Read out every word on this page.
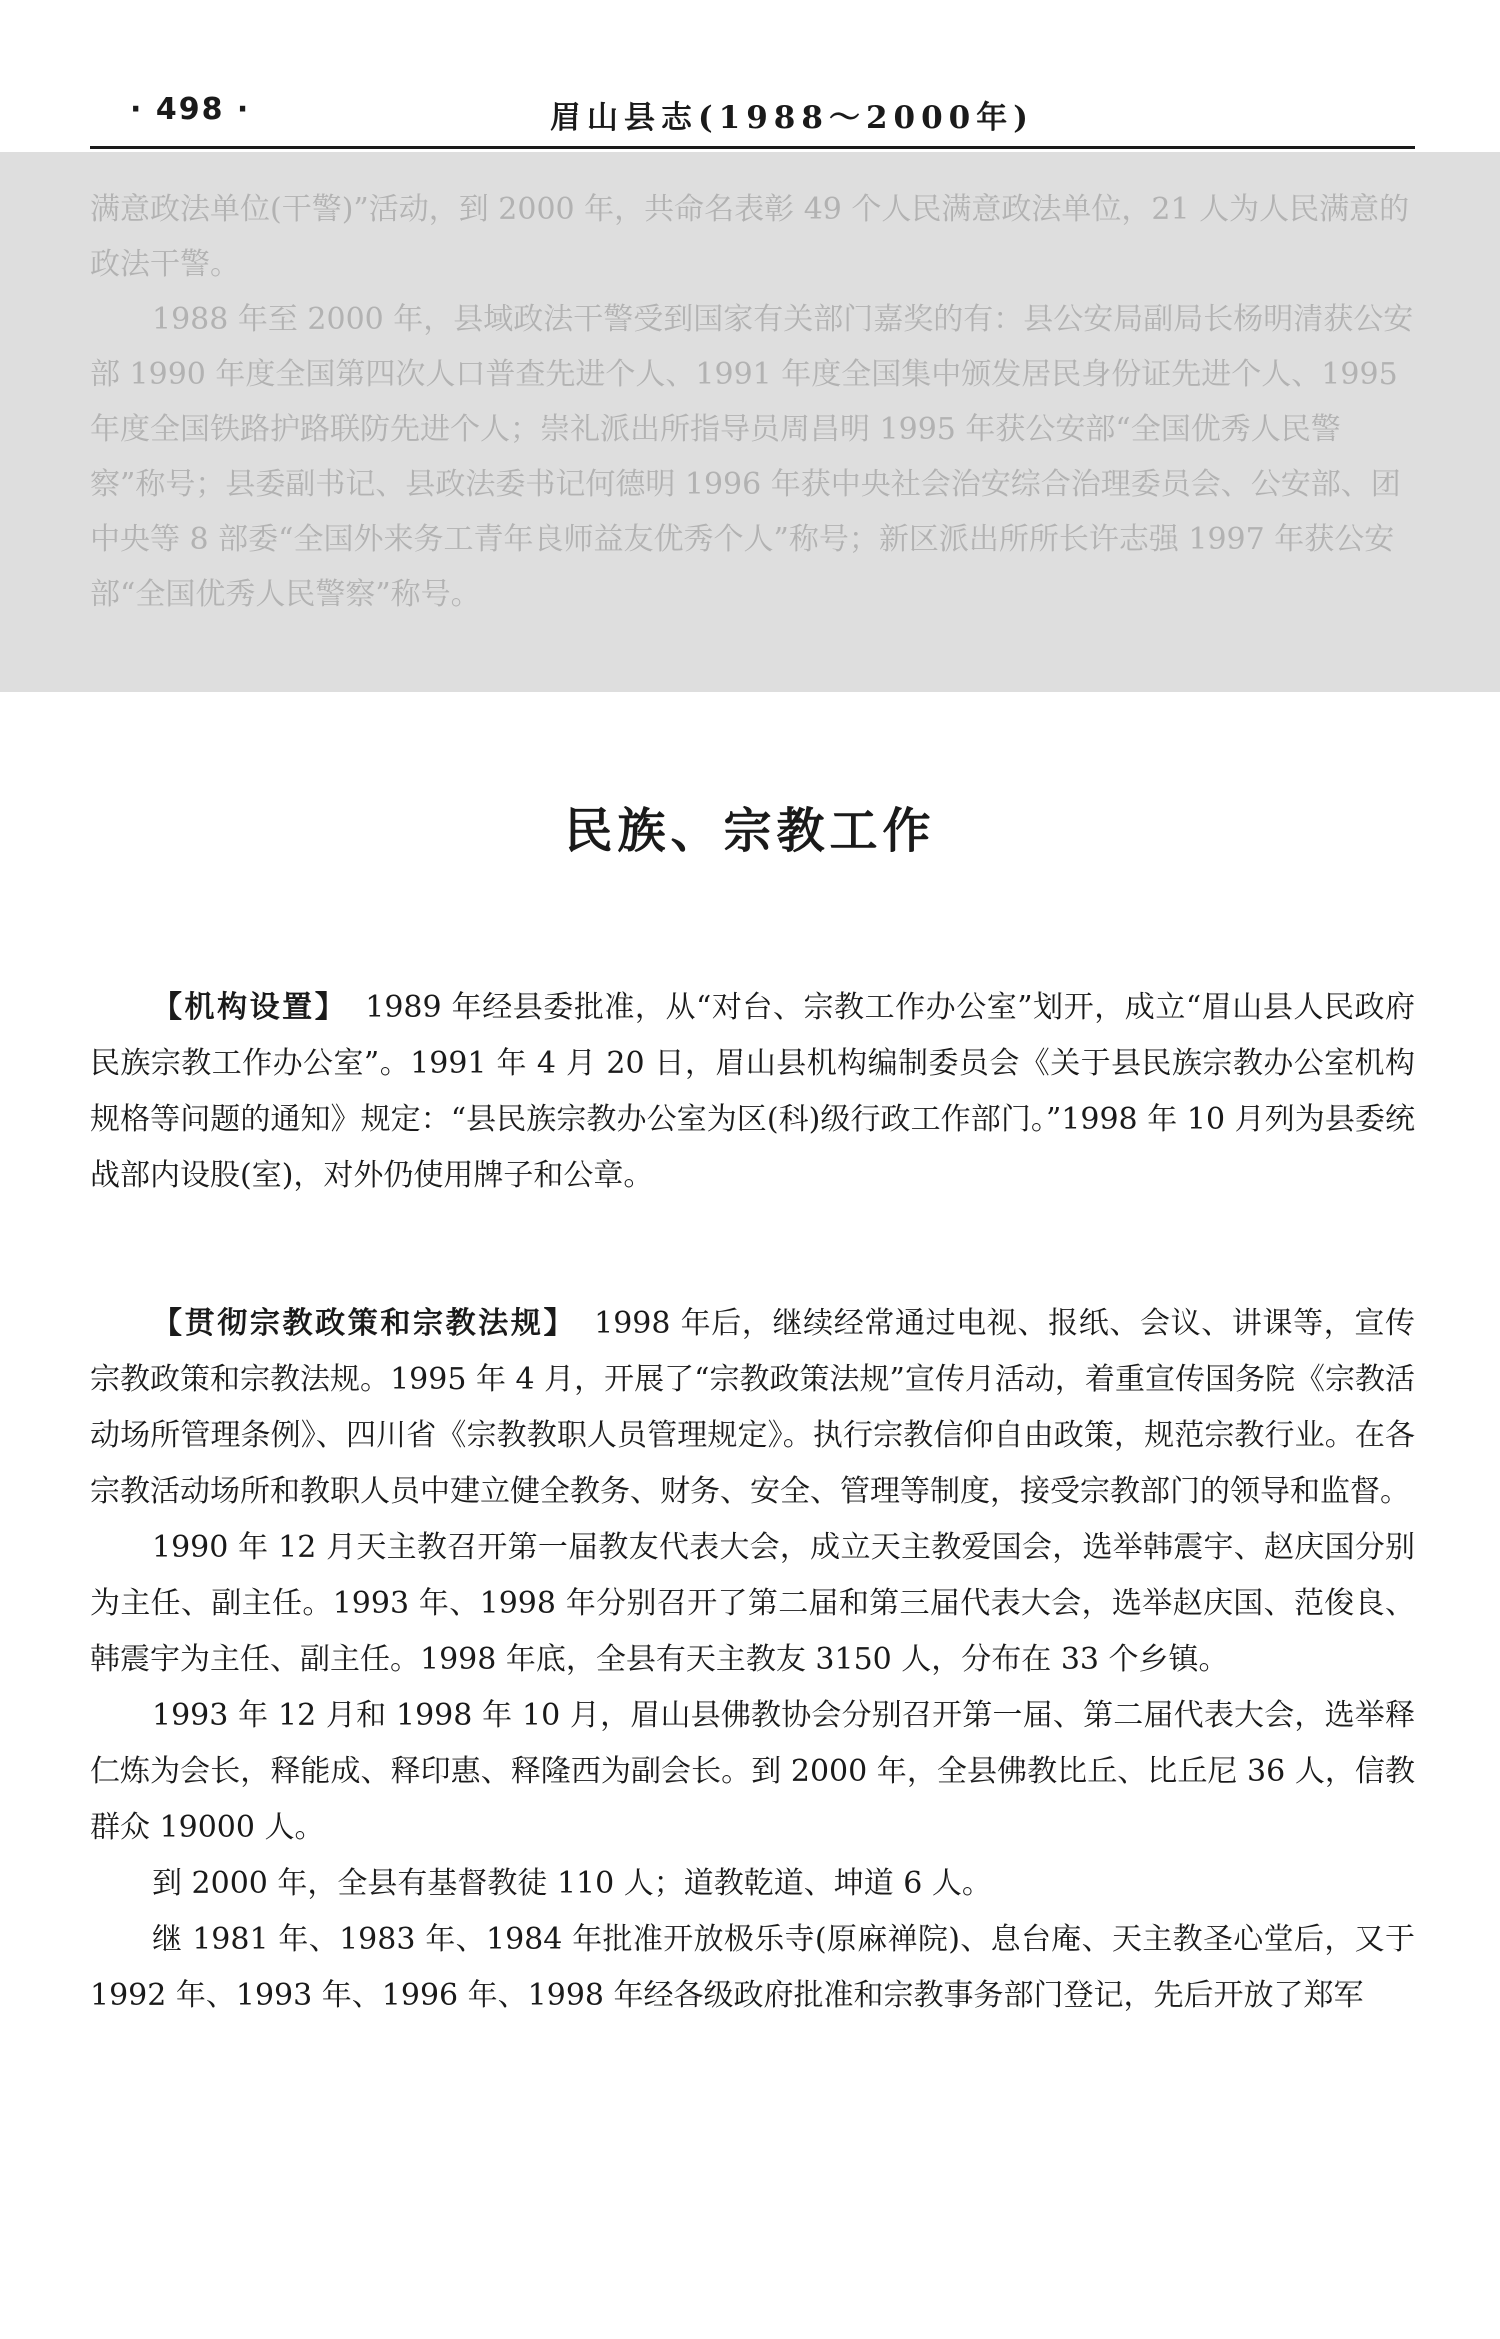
· 498 ·	眉山县志(1988～2000年)

满意政法单位(干警)”活动，到 2000 年，共命名表彰 49 个人民满意政法单位，21 人为人民满意的政法干警。

1988 年至 2000 年，县域政法干警受到国家有关部门嘉奖的有：县公安局副局长杨明清获公安部 1990 年度全国第四次人口普查先进个人、1991 年度全国集中颁发居民身份证先进个人、1995 年度全国铁路护路联防先进个人；崇礼派出所指导员周昌明 1995 年获公安部“全国优秀人民警察”称号；县委副书记、县政法委书记何德明 1996 年获中央社会治安综合治理委员会、公安部、团中央等 8 部委“全国外来务工青年良师益友优秀个人”称号；新区派出所所长许志强 1997 年获公安部“全国优秀人民警察”称号。

民族、宗教工作

【机构设置】 1989 年经县委批准，从“对台、宗教工作办公室”划开，成立“眉山县人民政府民族宗教工作办公室”。1991 年 4 月 20 日，眉山县机构编制委员会《关于县民族宗教办公室机构规格等问题的通知》规定：“县民族宗教办公室为区(科)级行政工作部门。”1998 年 10 月列为县委统战部内设股(室)，对外仍使用牌子和公章。

【贯彻宗教政策和宗教法规】 1998 年后，继续经常通过电视、报纸、会议、讲课等，宣传宗教政策和宗教法规。1995 年 4 月，开展了“宗教政策法规”宣传月活动，着重宣传国务院《宗教活动场所管理条例》、四川省《宗教教职人员管理规定》。执行宗教信仰自由政策，规范宗教行业。在各宗教活动场所和教职人员中建立健全教务、财务、安全、管理等制度，接受宗教部门的领导和监督。

1990 年 12 月天主教召开第一届教友代表大会，成立天主教爱国会，选举韩震宇、赵庆国分别为主任、副主任。1993 年、1998 年分别召开了第二届和第三届代表大会，选举赵庆国、范俊良、韩震宇为主任、副主任。1998 年底，全县有天主教友 3150 人，分布在 33 个乡镇。

1993 年 12 月和 1998 年 10 月，眉山县佛教协会分别召开第一届、第二届代表大会，选举释仁炼为会长，释能成、释印惠、释隆西为副会长。到 2000 年，全县佛教比丘、比丘尼 36 人，信教群众 19000 人。

到 2000 年，全县有基督教徒 110 人；道教乾道、坤道 6 人。

继 1981 年、1983 年、1984 年批准开放极乐寺(原麻禅院)、息台庵、天主教圣心堂后，又于 1992 年、1993 年、1996 年、1998 年经各级政府批准和宗教事务部门登记，先后开放了郑军
